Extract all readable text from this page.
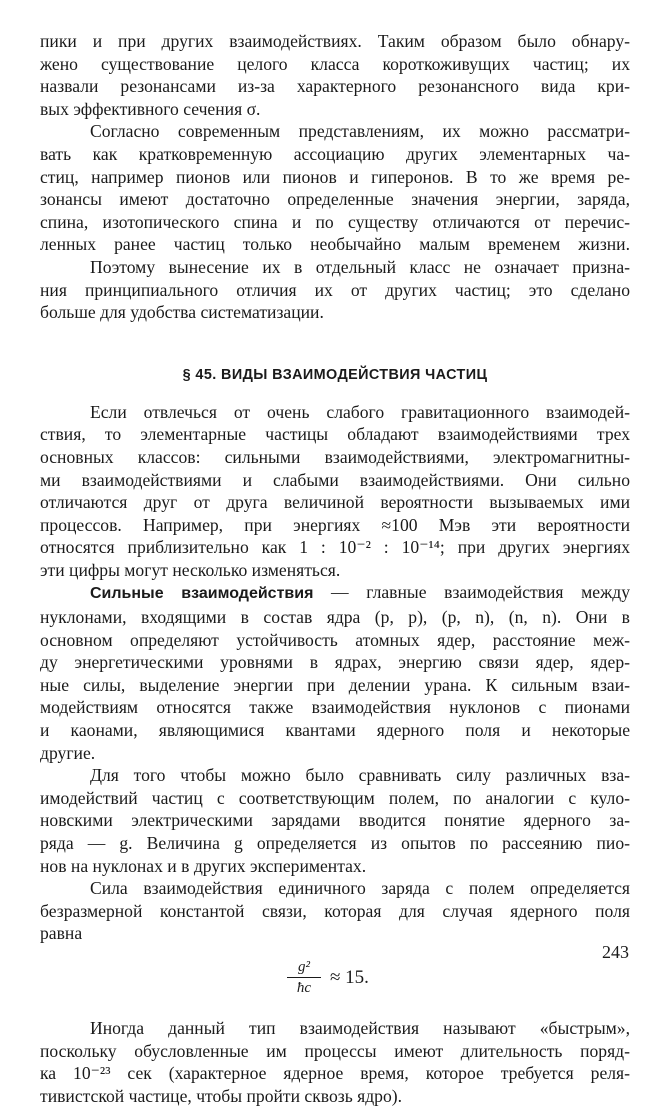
пики и при других взаимодействиях. Таким образом было обнару-
жено существование целого класса короткоживущих частиц; их
назвали резонансами из-за характерного резонансного вида кри-
вых эффективного сечения σ.
Согласно современным представлениям, их можно рассматри-
вать как кратковременную ассоциацию других элементарных ча-
стиц, например пионов или пионов и гиперонов. В то же время ре-
зонансы имеют достаточно определенные значения энергии, заряда,
спина, изотопического спина и по существу отличаются от перечис-
ленных ранее частиц только необычайно малым временем жизни.
Поэтому вынесение их в отдельный класс не означает призна-
ния принципиального отличия их от других частиц; это сделано
больше для удобства систематизации.
§ 45. ВИДЫ ВЗАИМОДЕЙСТВИЯ ЧАСТИЦ
Если отвлечься от очень слабого гравитационного взаимодей-
ствия, то элементарные частицы обладают взаимодействиями трех
основных классов: сильными взаимодействиями, электромагнитны-
ми взаимодействиями и слабыми взаимодействиями. Они сильно
отличаются друг от друга величиной вероятности вызываемых ими
процессов. Например, при энергиях ≈100 Мэв эти вероятности
относятся приблизительно как 1 : 10⁻² : 10⁻¹⁴; при других энергиях
эти цифры могут несколько изменяться.
Сильные взаимодействия — главные взаимодействия между
нуклонами, входящими в состав ядра (p, p), (p, n), (n, n). Они в
основном определяют устойчивость атомных ядер, расстояние меж-
ду энергетическими уровнями в ядрах, энергию связи ядер, ядер-
ные силы, выделение энергии при делении урана. К сильным взаи-
модействиям относятся также взаимодействия нуклонов с пионами
и каонами, являющимися квантами ядерного поля и некоторые
другие.
Для того чтобы можно было сравнивать силу различных вза-
имодействий частиц с соответствующим полем, по аналогии с куло-
новскими электрическими зарядами вводится понятие ядерного за-
ряда — g. Величина g определяется из опытов по рассеянию пио-
нов на нуклонах и в других экспериментах.
Сила взаимодействия единичного заряда с полем определяется
безразмерной константой связи, которая для случая ядерного поля
равна
$\frac{\text{g²}}{ħc} \approx 15$.
Иногда данный тип взаимодействия называют «быстрым»,
поскольку обусловленные им процессы имеют длительность поряд-
ка 10⁻²³ сек (характерное ядерное время, которое требуется реля-
тивистской частице, чтобы пройти сквозь ядро).
243
